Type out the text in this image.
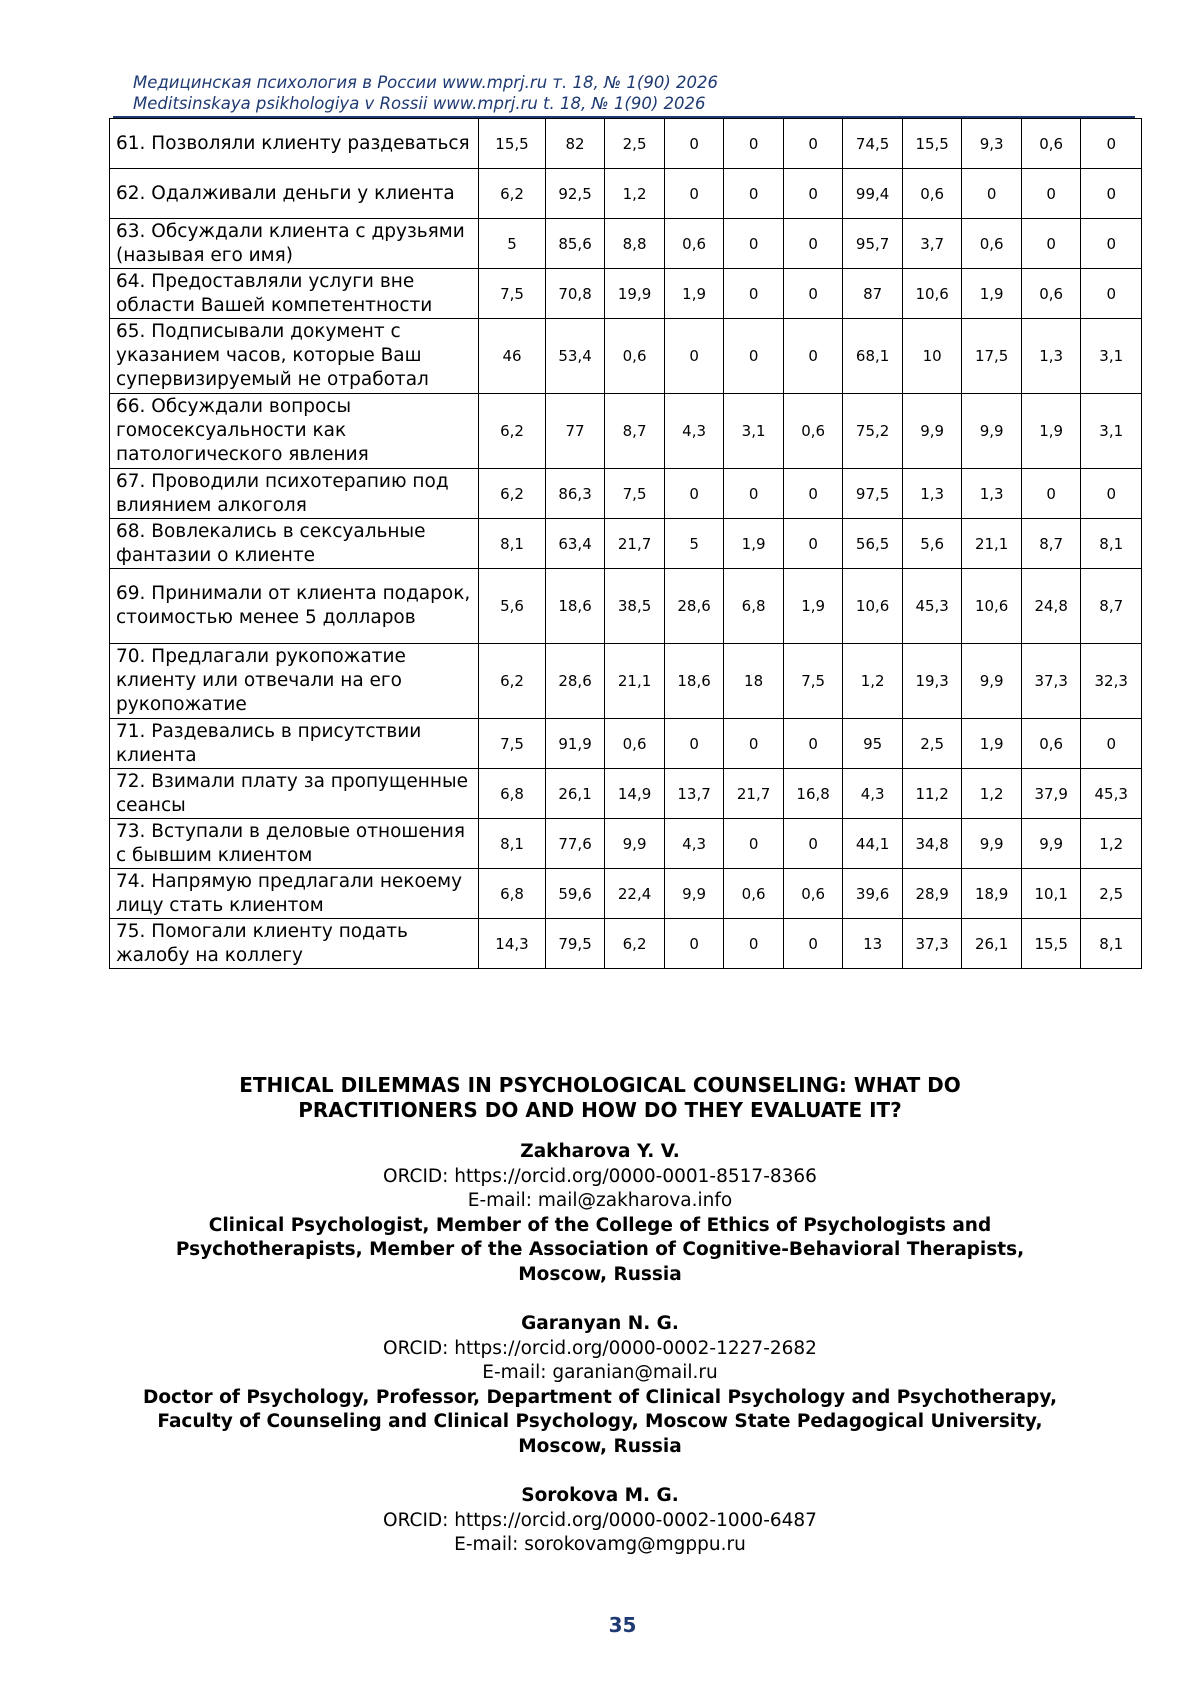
Медицинская психология в России www.mprj.ru т. 18, № 1(90) 2026
Meditsinskaya psikhologiya v Rossii www.mprj.ru t. 18, № 1(90) 2026
61. Позволяли клиенту раздеваться	15,5	82	2,5	0	0	0	74,5	15,5	9,3	0,6	0
62. Одалживали деньги у клиента	6,2	92,5	1,2	0	0	0	99,4	0,6	0	0	0
63. Обсуждали клиента с друзьями (называя его имя)	5	85,6	8,8	0,6	0	0	95,7	3,7	0,6	0	0
64. Предоставляли услуги вне области Вашей компетентности	7,5	70,8	19,9	1,9	0	0	87	10,6	1,9	0,6	0
65. Подписывали документ с указанием часов, которые Ваш супервизируемый не отработал	46	53,4	0,6	0	0	0	68,1	10	17,5	1,3	3,1
66. Обсуждали вопросы гомосексуальности как патологического явления	6,2	77	8,7	4,3	3,1	0,6	75,2	9,9	9,9	1,9	3,1
67. Проводили психотерапию под влиянием алкоголя	6,2	86,3	7,5	0	0	0	97,5	1,3	1,3	0	0
68. Вовлекались в сексуальные фантазии о клиенте	8,1	63,4	21,7	5	1,9	0	56,5	5,6	21,1	8,7	8,1
69. Принимали от клиента подарок, стоимостью менее 5 долларов	5,6	18,6	38,5	28,6	6,8	1,9	10,6	45,3	10,6	24,8	8,7
70. Предлагали рукопожатие клиенту или отвечали на его рукопожатие	6,2	28,6	21,1	18,6	18	7,5	1,2	19,3	9,9	37,3	32,3
71. Раздевались в присутствии клиента	7,5	91,9	0,6	0	0	0	95	2,5	1,9	0,6	0
72. Взимали плату за пропущенные сеансы	6,8	26,1	14,9	13,7	21,7	16,8	4,3	11,2	1,2	37,9	45,3
73. Вступали в деловые отношения с бывшим клиентом	8,1	77,6	9,9	4,3	0	0	44,1	34,8	9,9	9,9	1,2
74. Напрямую предлагали некоему лицу стать клиентом	6,8	59,6	22,4	9,9	0,6	0,6	39,6	28,9	18,9	10,1	2,5
75. Помогали клиенту подать жалобу на коллегу	14,3	79,5	6,2	0	0	0	13	37,3	26,1	15,5	8,1
ETHICAL DILEMMAS IN PSYCHOLOGICAL COUNSELING: WHAT DO
PRACTITIONERS DO AND HOW DO THEY EVALUATE IT?
Zakharova Y. V.
ORCID: https://orcid.org/0000-0001-8517-8366
E-mail: mail@zakharova.info
Clinical Psychologist, Member of the College of Ethics of Psychologists and
Psychotherapists, Member of the Association of Cognitive-Behavioral Therapists,
Moscow, Russia
Garanyan N. G.
ORCID: https://orcid.org/0000-0002-1227-2682
E-mail: garanian@mail.ru
Doctor of Psychology, Professor, Department of Clinical Psychology and Psychotherapy,
Faculty of Counseling and Clinical Psychology, Moscow State Pedagogical University,
Moscow, Russia
Sorokova M. G.
ORCID: https://orcid.org/0000-0002-1000-6487
E-mail: sorokovamg@mgppu.ru
35
